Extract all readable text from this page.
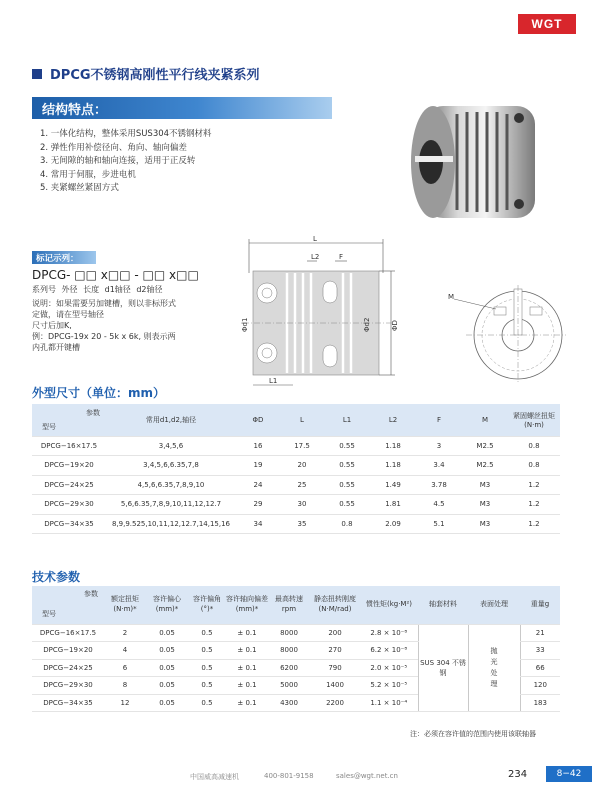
WGT
DPCG不锈钢高刚性平行线夹紧系列
结构特点：
1. 一体化结构，整体采用SUS304不锈钢材料
2. 弹性作用补偿径向、角向、轴向偏差
3. 无间隙的轴和轴向连接，适用于正反转
4. 常用于伺服，步进电机
5. 夹紧螺丝紧固方式
标记示列：
DPCG- □□ x□□ - □□ x□□
系列号 外径 长度 d1轴径 d2轴径
说明：如果需要另加键槽，则以非标形式
定做，请在型号轴径
尺寸后加K,
例：DPCG-19x 20 - 5k x 6k, 则表示两
内孔都开键槽
L
L2	F
Φd1	Φd2	ΦD
L1
M
外型尺寸（单位：mm）
参数
型号	常用d1,d2,轴径	ΦD	L	L1	L2	F	M	紧固螺丝扭矩(N·m)
DPCG−16×17.5	3,4,5,6	16	17.5	0.55	1.18	3	M2.5	0.8
DPCG−19×20	3,4,5,6,6.35,7,8	19	20	0.55	1.18	3.4	M2.5	0.8
DPCG−24×25	4,5,6,6.35,7,8,9,10	24	25	0.55	1.49	3.78	M3	1.2
DPCG−29×30	5,6,6.35,7,8,9,10,11,12,12.7	29	30	0.55	1.81	4.5	M3	1.2
DPCG−34×35	8,9,9.525,10,11,12,12.7,14,15,16	34	35	0.8	2.09	5.1	M3	1.2
技术参数
参数
型号	额定扭矩(N·m)*	容许偏心(mm)*	容许偏角(°)*	容许轴向偏差(mm)*	最高转速rpm	静态扭转刚度(N·M/rad)	惯性矩(kg·M²)	轴套材料	表面处理	重量g
DPCG−16×17.5	2	0.05	0.5	± 0.1	8000	200	2.8 × 10⁻⁸	SUS 304 不锈钢	抛光处理	21
DPCG−19×20	4	0.05	0.5	± 0.1	8000	270	6.2 × 10⁻⁸			33
DPCG−24×25	6	0.05	0.5	± 0.1	6200	790	2.0 × 10⁻⁵			66
DPCG−29×30	8	0.05	0.5	± 0.1	5000	1400	5.2 × 10⁻⁵			120
DPCG−34×35	12	0.05	0.5	± 0.1	4300	2200	1.1 × 10⁻⁴			183
注：必须在容许值的范围内使用该联轴器
中国威高减速机	400-801-9158	sales@wgt.net.cn	234	8−42
